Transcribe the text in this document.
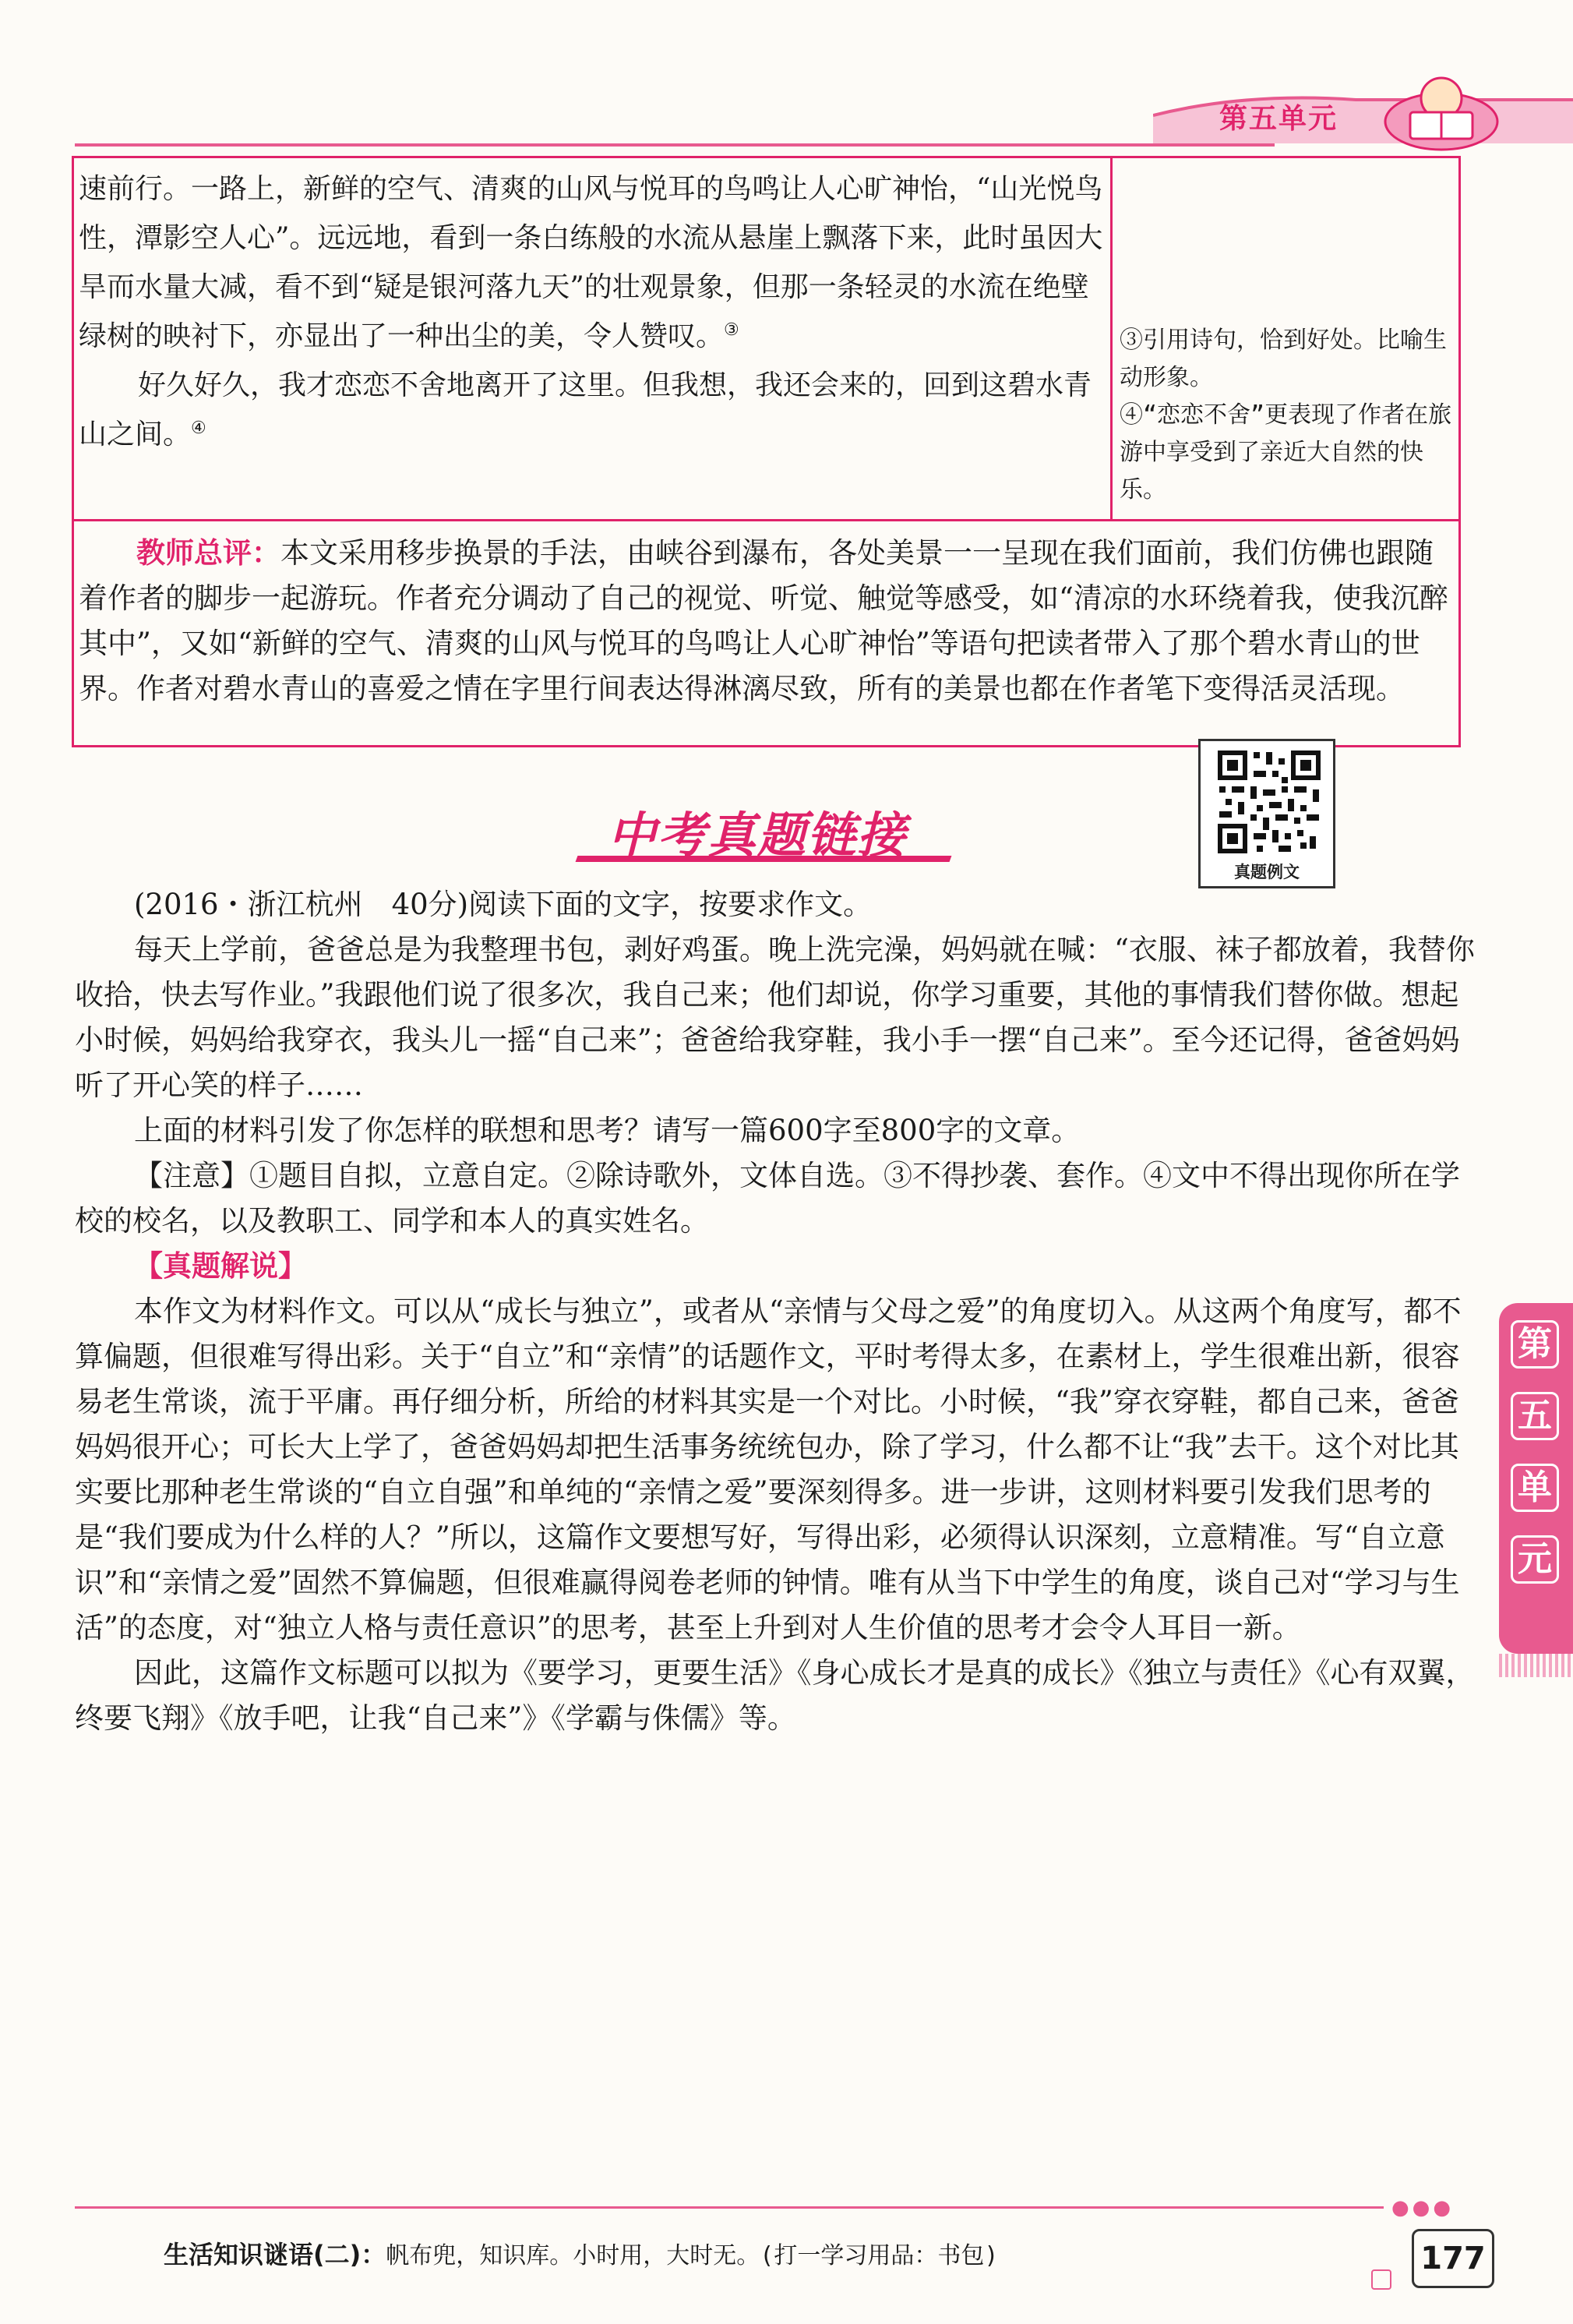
第五单元

速前行。一路上，新鲜的空气、清爽的山风与悦耳的鸟鸣让人心旷神怡，“山光悦鸟性，潭影空人心”。远远地，看到一条白练般的水流从悬崖上飘落下来，此时虽因大旱而水量大减，看不到“疑是银河落九天”的壮观景象，但那一条轻灵的水流在绝壁绿树的映衬下，亦显出了一种出尘的美，令人赞叹。③

好久好久，我才恋恋不舍地离开了这里。但我想，我还会来的，回到这碧水青山之间。④

③引用诗句，恰到好处。比喻生动形象。

④“恋恋不舍”更表现了作者在旅游中享受到了亲近大自然的快乐。

教师总评：本文采用移步换景的手法，由峡谷到瀑布，各处美景一一呈现在我们面前，我们仿佛也跟随着作者的脚步一起游玩。作者充分调动了自己的视觉、听觉、触觉等感受，如“清凉的水环绕着我，使我沉醉其中”，又如“新鲜的空气、清爽的山风与悦耳的鸟鸣让人心旷神怡”等语句把读者带入了那个碧水青山的世界。作者对碧水青山的喜爱之情在字里行间表达得淋漓尽致，所有的美景也都在作者笔下变得活灵活现。

中考真题链接
真题例文

(2016・浙江杭州　40分)阅读下面的文字，按要求作文。

每天上学前，爸爸总是为我整理书包，剥好鸡蛋。晚上洗完澡，妈妈就在喊：“衣服、袜子都放着，我替你收拾，快去写作业。”我跟他们说了很多次，我自己来；他们却说，你学习重要，其他的事情我们替你做。想起小时候，妈妈给我穿衣，我头儿一摇“自己来”；爸爸给我穿鞋，我小手一摆“自己来”。至今还记得，爸爸妈妈听了开心笑的样子……

上面的材料引发了你怎样的联想和思考？请写一篇600字至800字的文章。

【注意】①题目自拟，立意自定。②除诗歌外，文体自选。③不得抄袭、套作。④文中不得出现你所在学校的校名，以及教职工、同学和本人的真实姓名。

【真题解说】

本作文为材料作文。可以从“成长与独立”，或者从“亲情与父母之爱”的角度切入。从这两个角度写，都不算偏题，但很难写得出彩。关于“自立”和“亲情”的话题作文，平时考得太多，在素材上，学生很难出新，很容易老生常谈，流于平庸。再仔细分析，所给的材料其实是一个对比。小时候，“我”穿衣穿鞋，都自己来，爸爸妈妈很开心；可长大上学了，爸爸妈妈却把生活事务统统包办，除了学习，什么都不让“我”去干。这个对比其实要比那种老生常谈的“自立自强”和单纯的“亲情之爱”要深刻得多。进一步讲，这则材料要引发我们思考的是“我们要成为什么样的人？”所以，这篇作文要想写好，写得出彩，必须得认识深刻，立意精准。写“自立意识”和“亲情之爱”固然不算偏题，但很难赢得阅卷老师的钟情。唯有从当下中学生的角度，谈自己对“学习与生活”的态度，对“独立人格与责任意识”的思考，甚至上升到对人生价值的思考才会令人耳目一新。

因此，这篇作文标题可以拟为《要学习，更要生活》《身心成长才是真的成长》《独立与责任》《心有双翼，终要飞翔》《放手吧，让我“自己来”》《学霸与侏儒》等。

第
五
单
元
●●●
生活知识谜语(二)：帆布兜，知识库。小时用，大时无。(打一学习用品：书包)	177
